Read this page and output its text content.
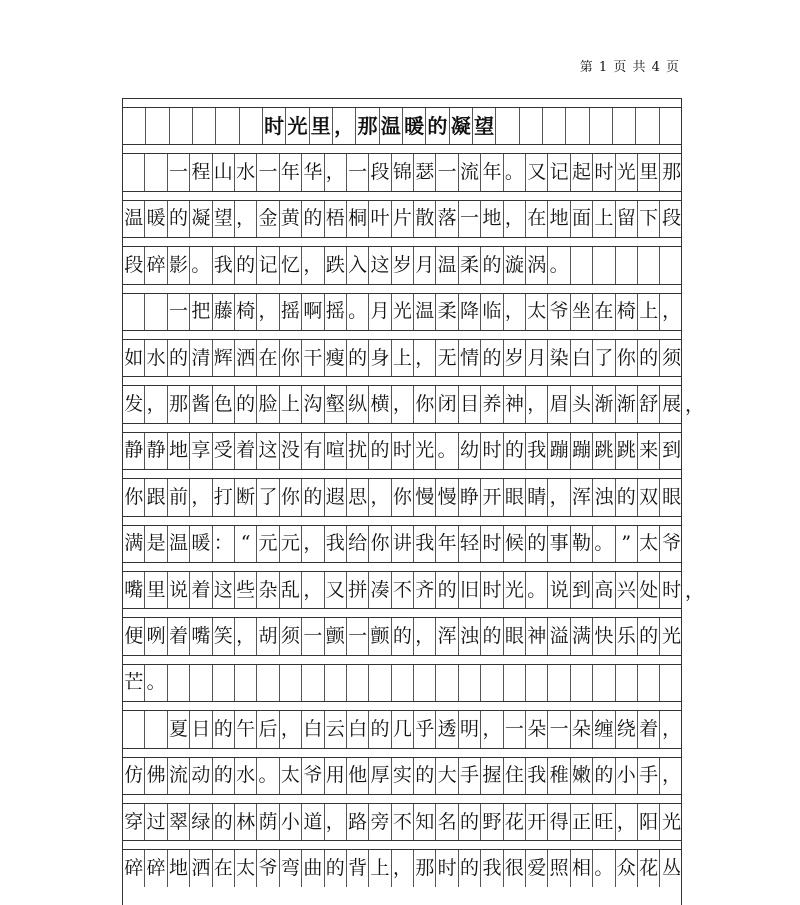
第 1 页 共 4 页
时 光 里 ， 那 温 暖 的 凝 望
一 程 山 水 一 年 华 ， 一 段 锦 瑟 一 流 年 。 又 记 起 时 光 里 那
温 暖 的 凝 望 ， 金 黄 的 梧 桐 叶 片 散 落 一 地 ， 在 地 面 上 留 下 段
段 碎 影 。 我 的 记 忆 ， 跌 入 这 岁 月 温 柔 的 漩 涡 。
一 把 藤 椅 ， 摇 啊 摇 。 月 光 温 柔 降 临 ， 太 爷 坐 在 椅 上 ，
如 水 的 清 辉 洒 在 你 干 瘦 的 身 上 ， 无 情 的 岁 月 染 白 了 你 的 须
发 ， 那 酱 色 的 脸 上 沟 壑 纵 横 ， 你 闭 目 养 神 ， 眉 头 渐 渐 舒 展 ，
静 静 地 享 受 着 这 没 有 喧 扰 的 时 光 。 幼 时 的 我 蹦 蹦 跳 跳 来 到
你 跟 前 ， 打 断 了 你 的 遐 思 ， 你 慢 慢 睁 开 眼 睛 ， 浑 浊 的 双 眼
满 是 温 暖 ： “ 元 元 ， 我 给 你 讲 我 年 轻 时 候 的 事 勒 。 ” 太 爷
嘴 里 说 着 这 些 杂 乱 ， 又 拼 凑 不 齐 的 旧 时 光 。 说 到 高 兴 处 时 ，
便 咧 着 嘴 笑 ， 胡 须 一 颤 一 颤 的 ， 浑 浊 的 眼 神 溢 满 快 乐 的 光
芒 。
夏 日 的 午 后 ， 白 云 白 的 几 乎 透 明 ， 一 朵 一 朵 缠 绕 着 ，
仿 佛 流 动 的 水 。 太 爷 用 他 厚 实 的 大 手 握 住 我 稚 嫩 的 小 手 ，
穿 过 翠 绿 的 林 荫 小 道 ， 路 旁 不 知 名 的 野 花 开 得 正 旺 ， 阳 光
碎 碎 地 洒 在 太 爷 弯 曲 的 背 上 ， 那 时 的 我 很 爱 照 相 。 众 花 丛
